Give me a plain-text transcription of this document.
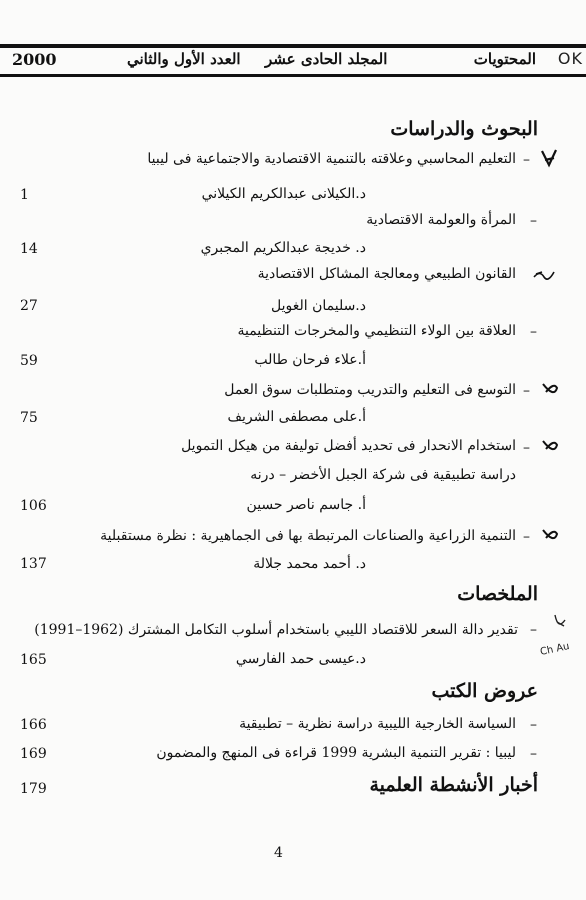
OK
2000	العدد الأول والثاني المجلد الحادى عشر	المحتويات
البحوث والدراسات
–
التعليم المحاسبي وعلاقته بالتنمية الاقتصادية والاجتماعية فى ليبيا
د.الكيلانى عبدالكريم الكيلاني
1
–
المرأة والعولمة الاقتصادية
د. خديجة عبدالكريم المجبري
14
القانون الطبيعي ومعالجة المشاكل الاقتصادية
د.سليمان الغويل
27
–
العلاقة بين الولاء التنظيمي والمخرجات التنظيمية
أ.علاء فرحان طالب
59
–
التوسع فى التعليم والتدريب ومتطلبات سوق العمل
أ.على مصطفى الشريف
75
–
استخدام الانحدار فى تحديد أفضل توليفة من هيكل التمويل
دراسة تطبيقية فى شركة الجبل الأخضر – درنه
أ. جاسم ناصر حسين
106
–
التنمية الزراعية والصناعات المرتبطة بها فى الجماهيرية : نظرة مستقبلية
د. أحمد محمد جلالة
137
الملخصات
–
تقدير دالة السعر للاقتصاد الليبي باستخدام أسلوب التكامل المشترك (1962–1991)
Ch Au
د.عيسى حمد الفارسي
165
عروض الكتب
–
السياسة الخارجية الليبية دراسة نظرية – تطبيقية
166
–
ليبيا : تقرير التنمية البشرية 1999 قراءة فى المنهج والمضمون
169
أخبار الأنشطة العلمية
179
4
